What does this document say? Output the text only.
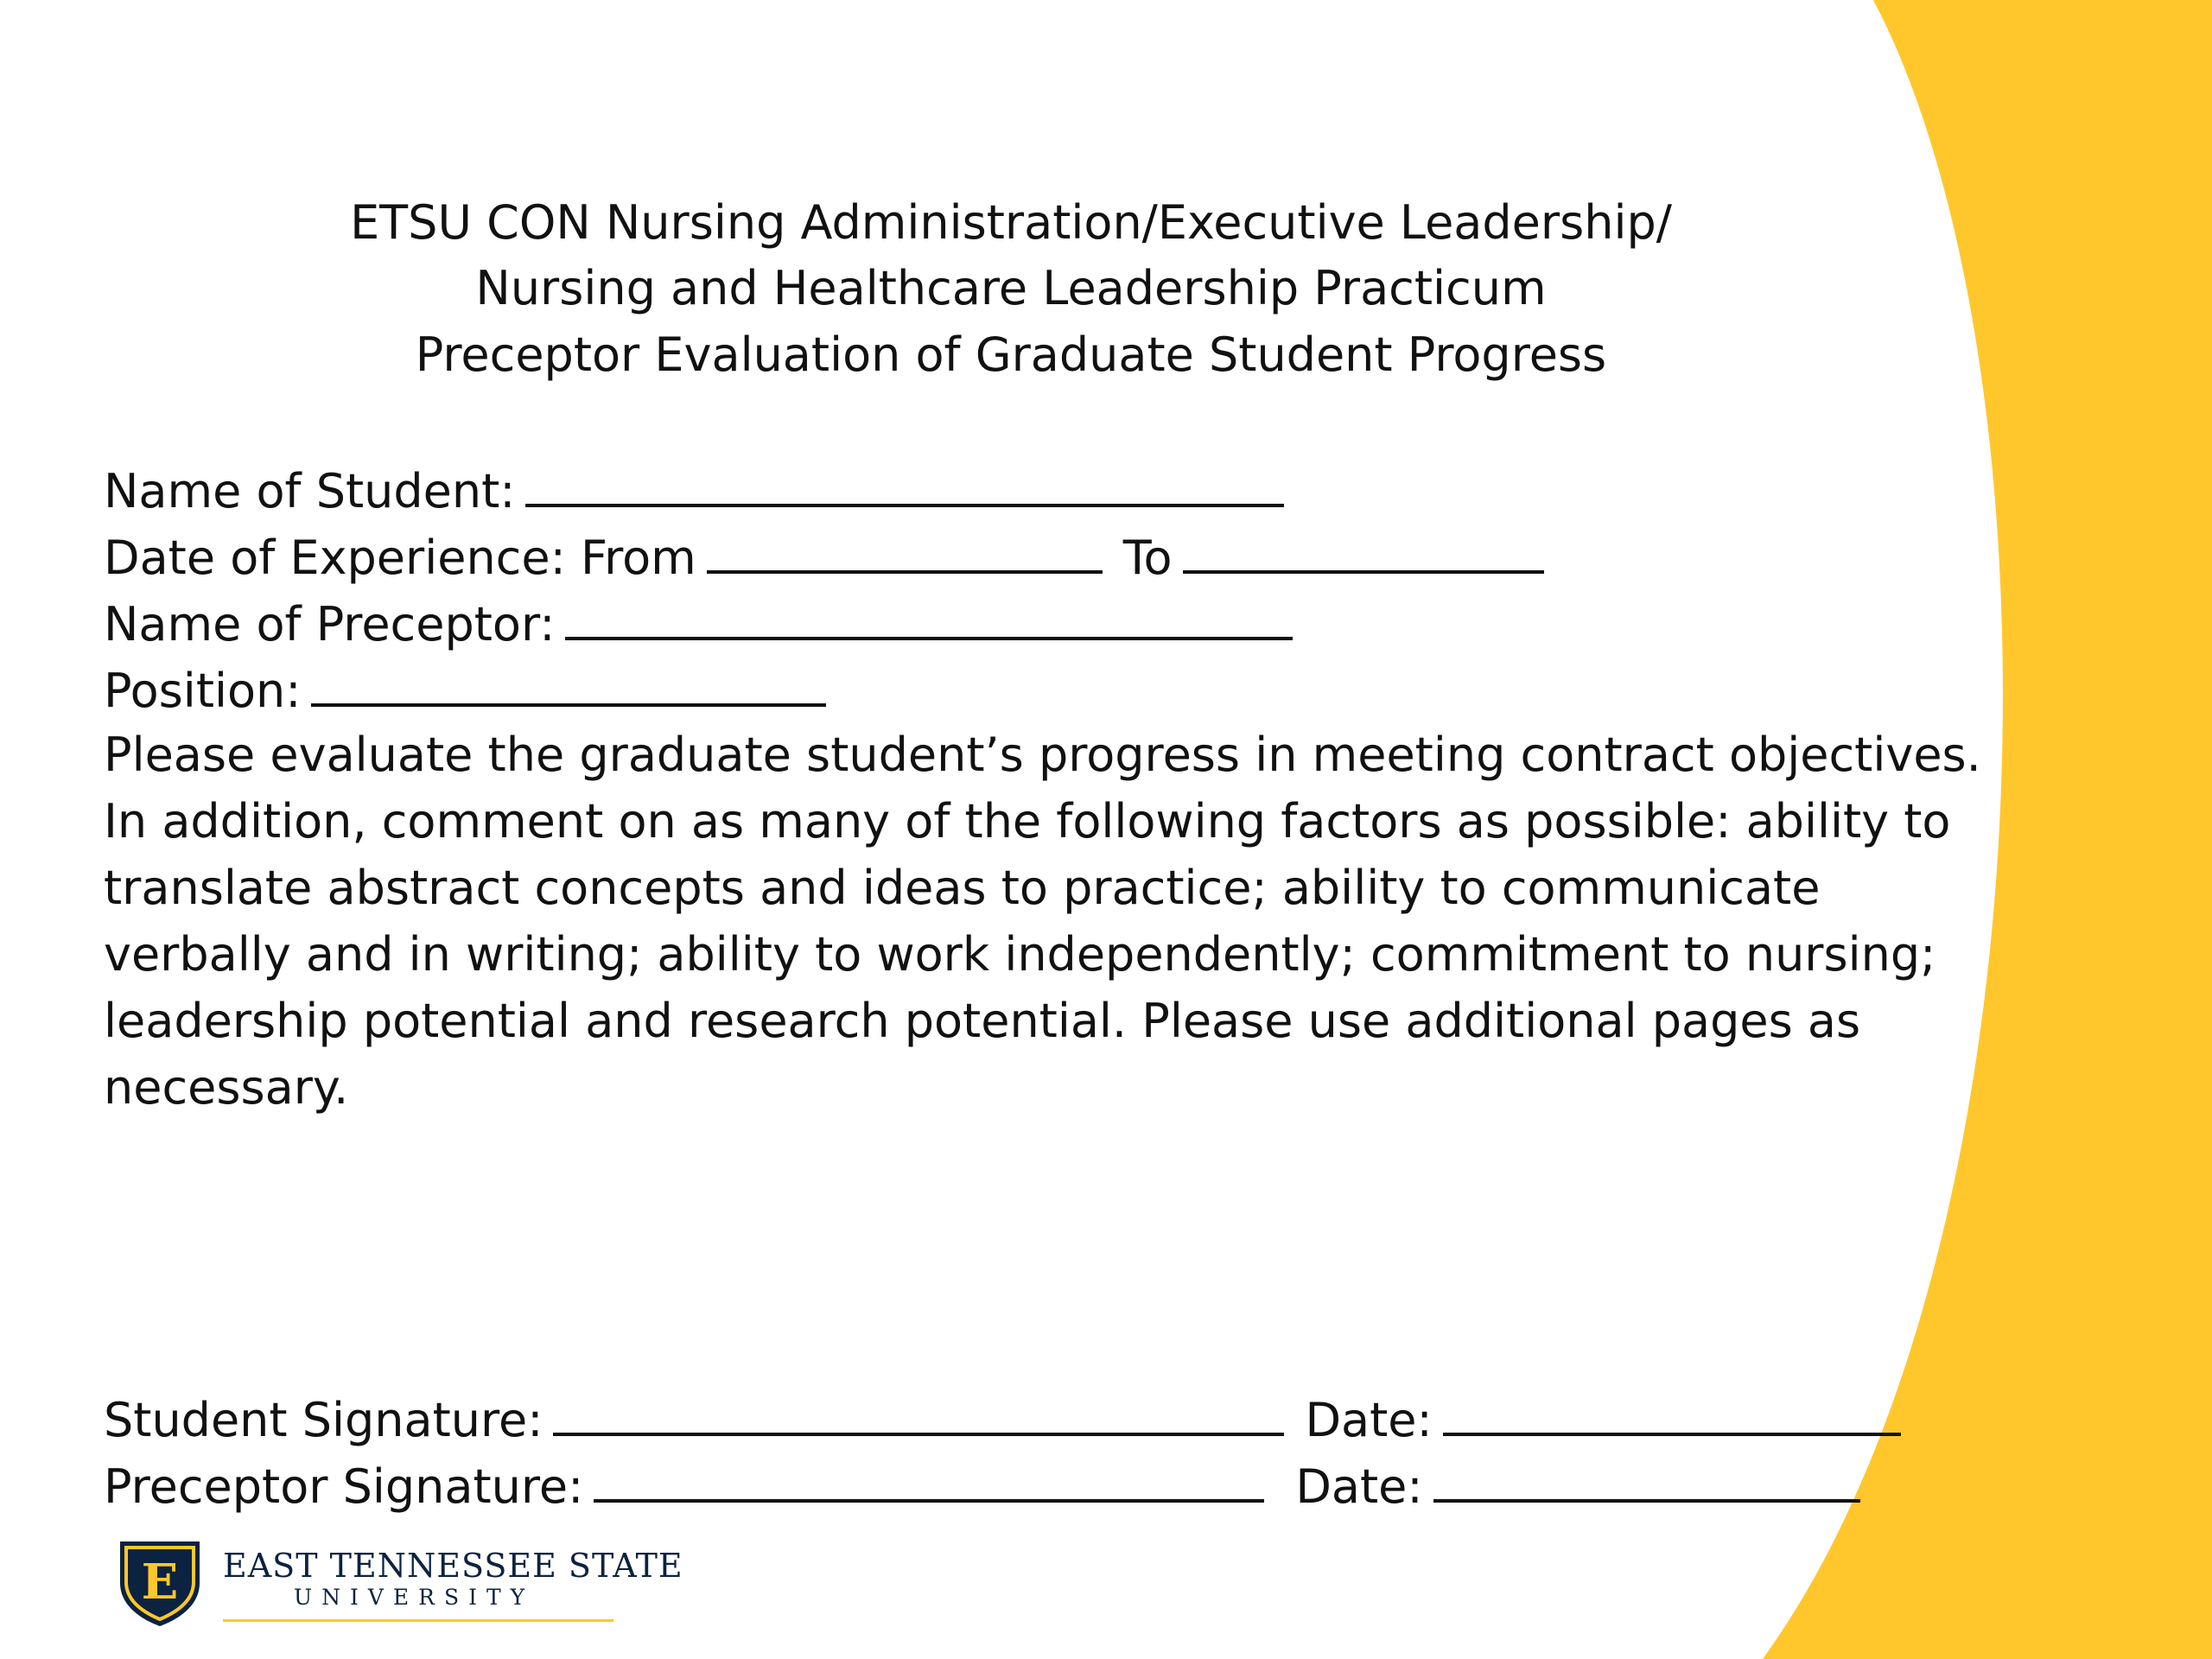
ETSU CON Nursing Administration/Executive Leadership/
Nursing and Healthcare Leadership Practicum
Preceptor Evaluation of Graduate Student Progress
Name of Student:
Date of Experience: From	To
Name of Preceptor:
Position:
Please evaluate the graduate student’s progress in meeting contract objectives. In addition, comment on as many of the following factors as possible: ability to translate abstract concepts and ideas to practice; ability to communicate verbally and in writing; ability to work independently; commitment to nursing; leadership potential and research potential. Please use additional pages as necessary.
Student Signature:	Date:
Preceptor Signature:	Date:
E EAST TENNESSEE STATE
UNIVERSITY
